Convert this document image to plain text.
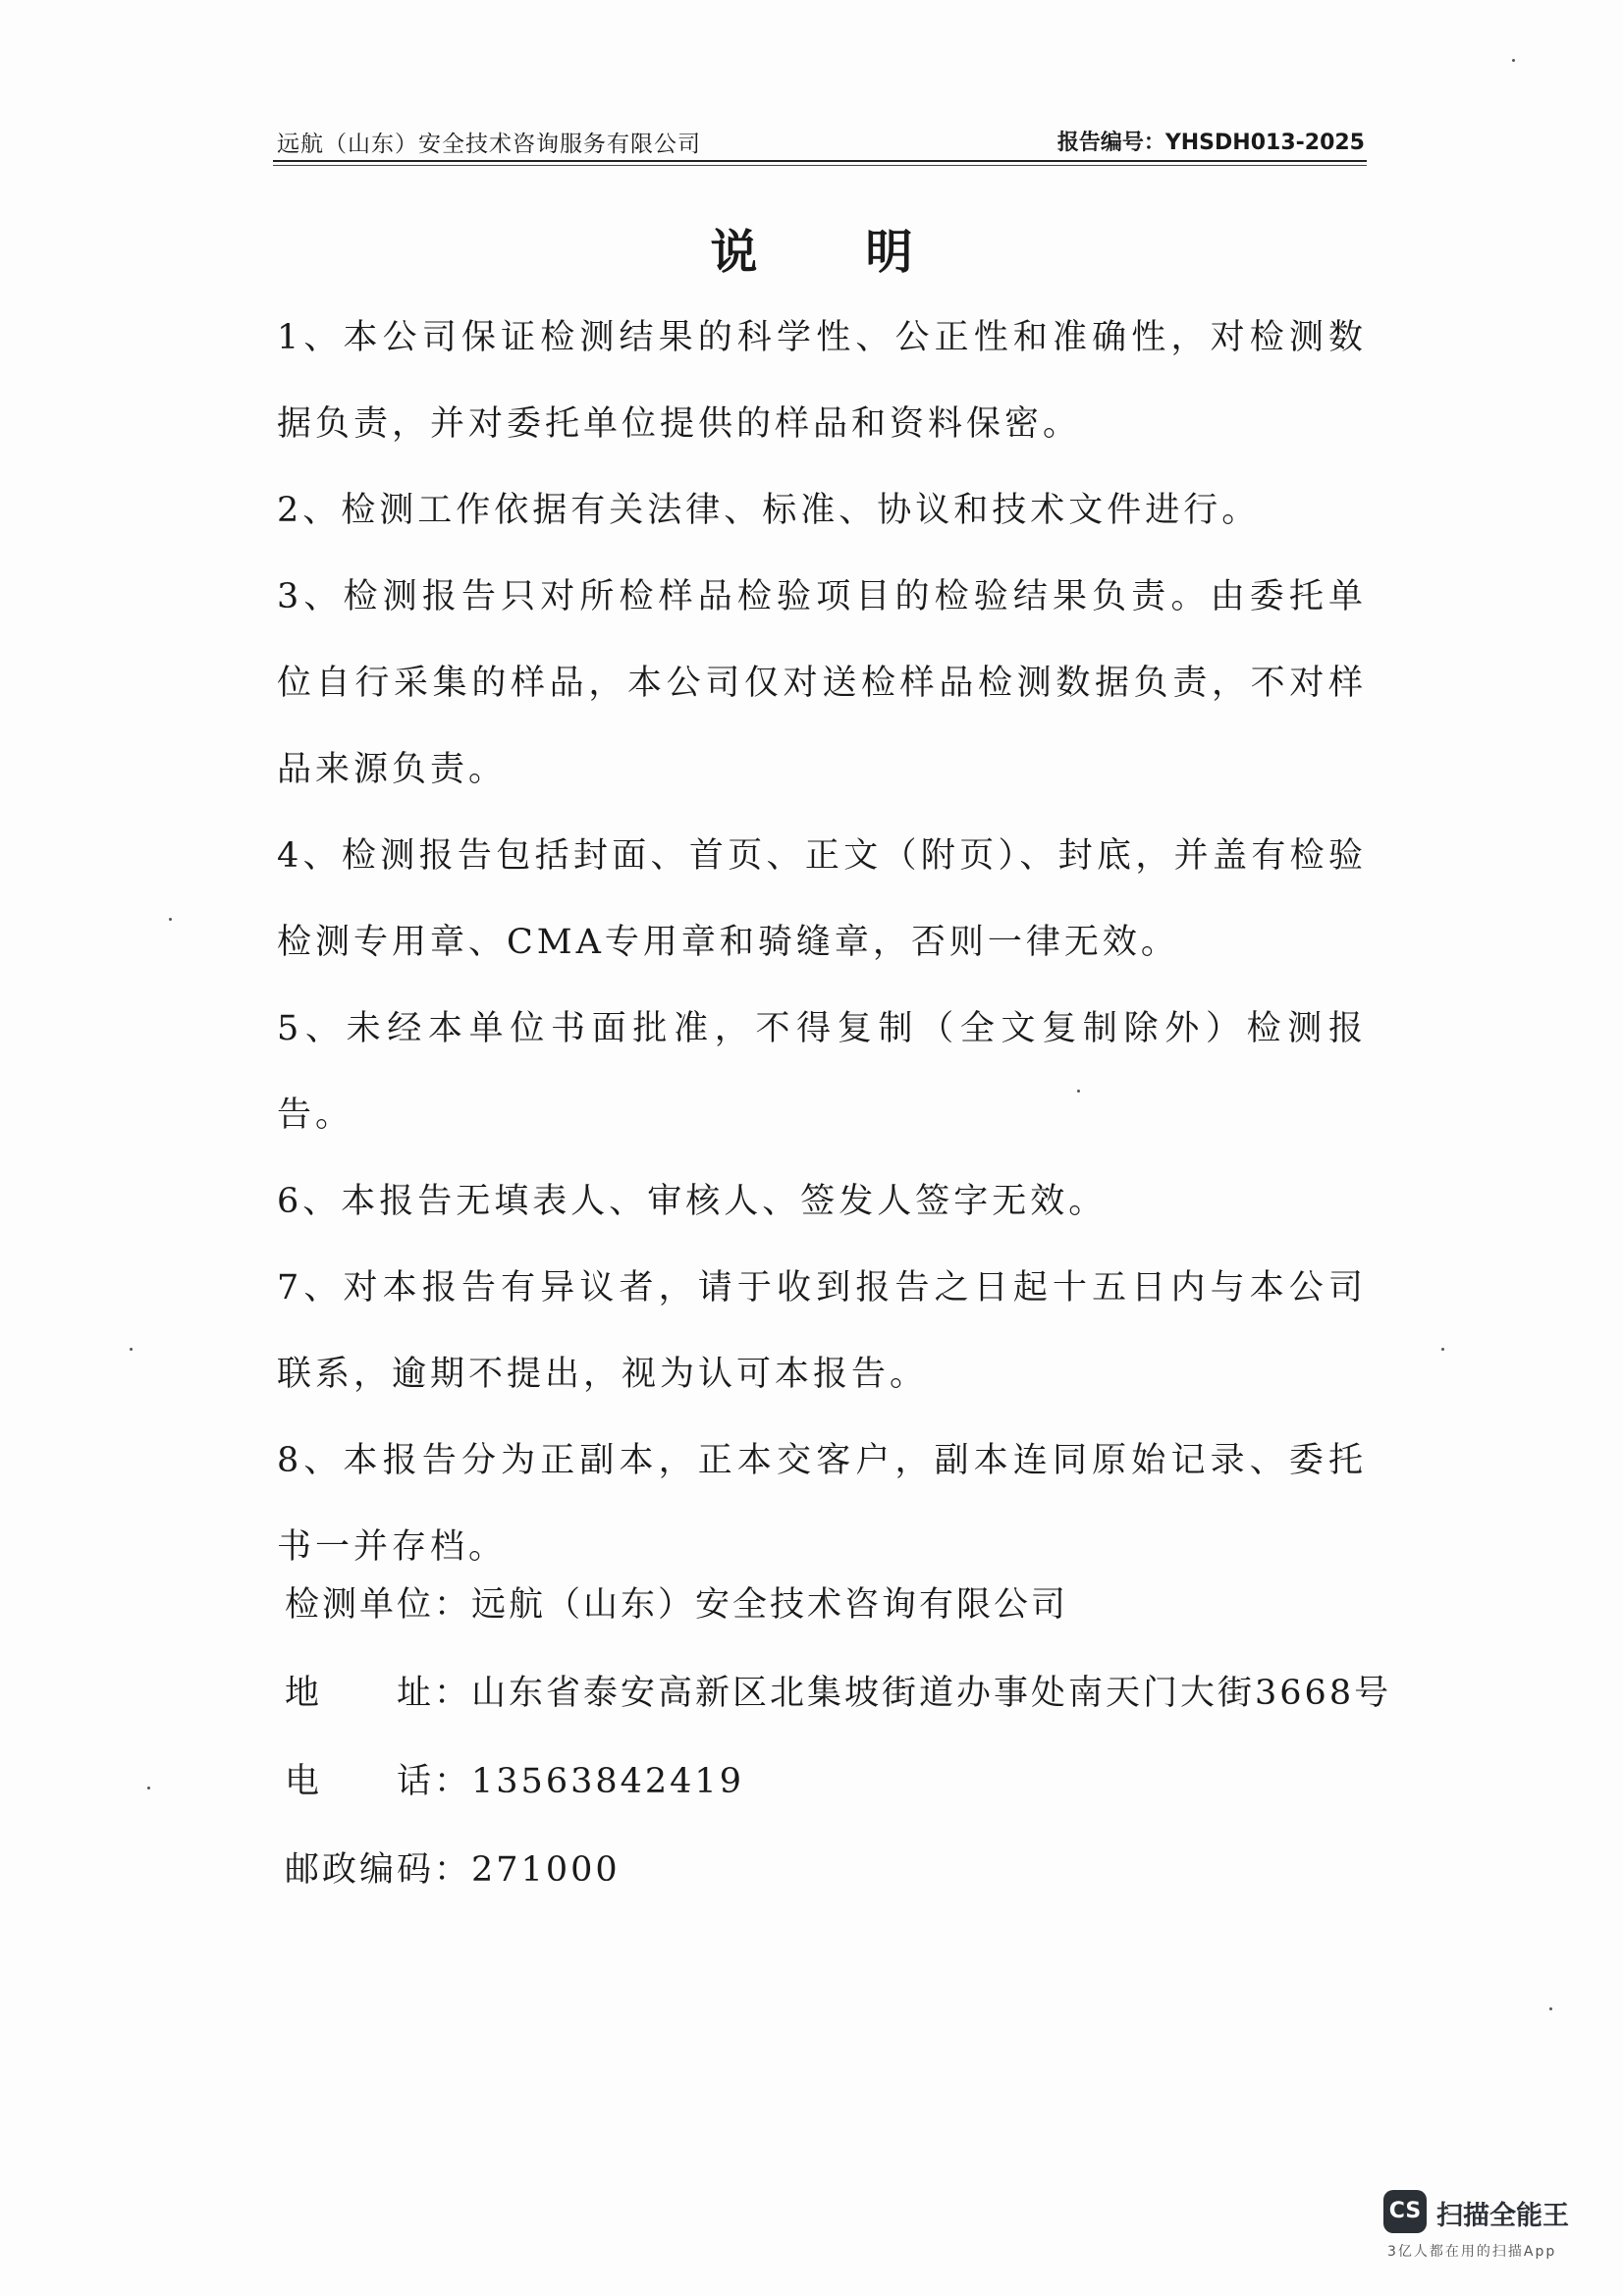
远航（山东）安全技术咨询服务有限公司	报告编号：YHSDH013-2025
说明
1、本公司保证检测结果的科学性、公正性和准确性，对检测数据负责，并对委托单位提供的样品和资料保密。
2、检测工作依据有关法律、标准、协议和技术文件进行。
3、检测报告只对所检样品检验项目的检验结果负责。由委托单位自行采集的样品，本公司仅对送检样品检测数据负责，不对样品来源负责。
4、检测报告包括封面、首页、正文（附页）、封底，并盖有检验检测专用章、CMA专用章和骑缝章，否则一律无效。
5、未经本单位书面批准，不得复制（全文复制除外）检测报告。
6、本报告无填表人、审核人、签发人签字无效。
7、对本报告有异议者，请于收到报告之日起十五日内与本公司联系，逾期不提出，视为认可本报告。
8、本报告分为正副本，正本交客户，副本连同原始记录、委托书一并存档。
检测单位：远航（山东）安全技术咨询有限公司
地　　址：山东省泰安高新区北集坡街道办事处南天门大街3668号
电　　话：13563842419
邮政编码：271000
CS 扫描全能王
3亿人都在用的扫描App
